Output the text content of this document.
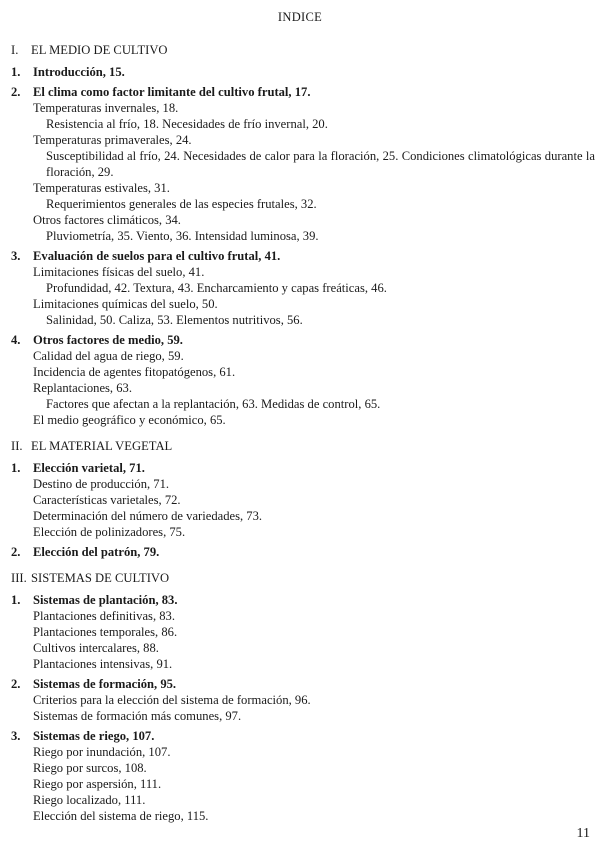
INDICE
I. EL MEDIO DE CULTIVO
1. Introducción, 15.
2. El clima como factor limitante del cultivo frutal, 17.
Temperaturas invernales, 18.
Resistencia al frío, 18. Necesidades de frío invernal, 20.
Temperaturas primaverales, 24.
Susceptibilidad al frío, 24. Necesidades de calor para la floración, 25. Condiciones climatológicas durante la floración, 29.
Temperaturas estivales, 31.
Requerimientos generales de las especies frutales, 32.
Otros factores climáticos, 34.
Pluviometría, 35. Viento, 36. Intensidad luminosa, 39.
3. Evaluación de suelos para el cultivo frutal, 41.
Limitaciones físicas del suelo, 41.
Profundidad, 42. Textura, 43. Encharcamiento y capas freáticas, 46.
Limitaciones químicas del suelo, 50.
Salinidad, 50. Caliza, 53. Elementos nutritivos, 56.
4. Otros factores de medio, 59.
Calidad del agua de riego, 59.
Incidencia de agentes fitopatógenos, 61.
Replantaciones, 63.
Factores que afectan a la replantación, 63. Medidas de control, 65.
El medio geográfico y económico, 65.
II. EL MATERIAL VEGETAL
1. Elección varietal, 71.
Destino de producción, 71.
Características varietales, 72.
Determinación del número de variedades, 73.
Elección de polinizadores, 75.
2. Elección del patrón, 79.
III. SISTEMAS DE CULTIVO
1. Sistemas de plantación, 83.
Plantaciones definitivas, 83.
Plantaciones temporales, 86.
Cultivos intercalares, 88.
Plantaciones intensivas, 91.
2. Sistemas de formación, 95.
Criterios para la elección del sistema de formación, 96.
Sistemas de formación más comunes, 97.
3. Sistemas de riego, 107.
Riego por inundación, 107.
Riego por surcos, 108.
Riego por aspersión, 111.
Riego localizado, 111.
Elección del sistema de riego, 115.
11
